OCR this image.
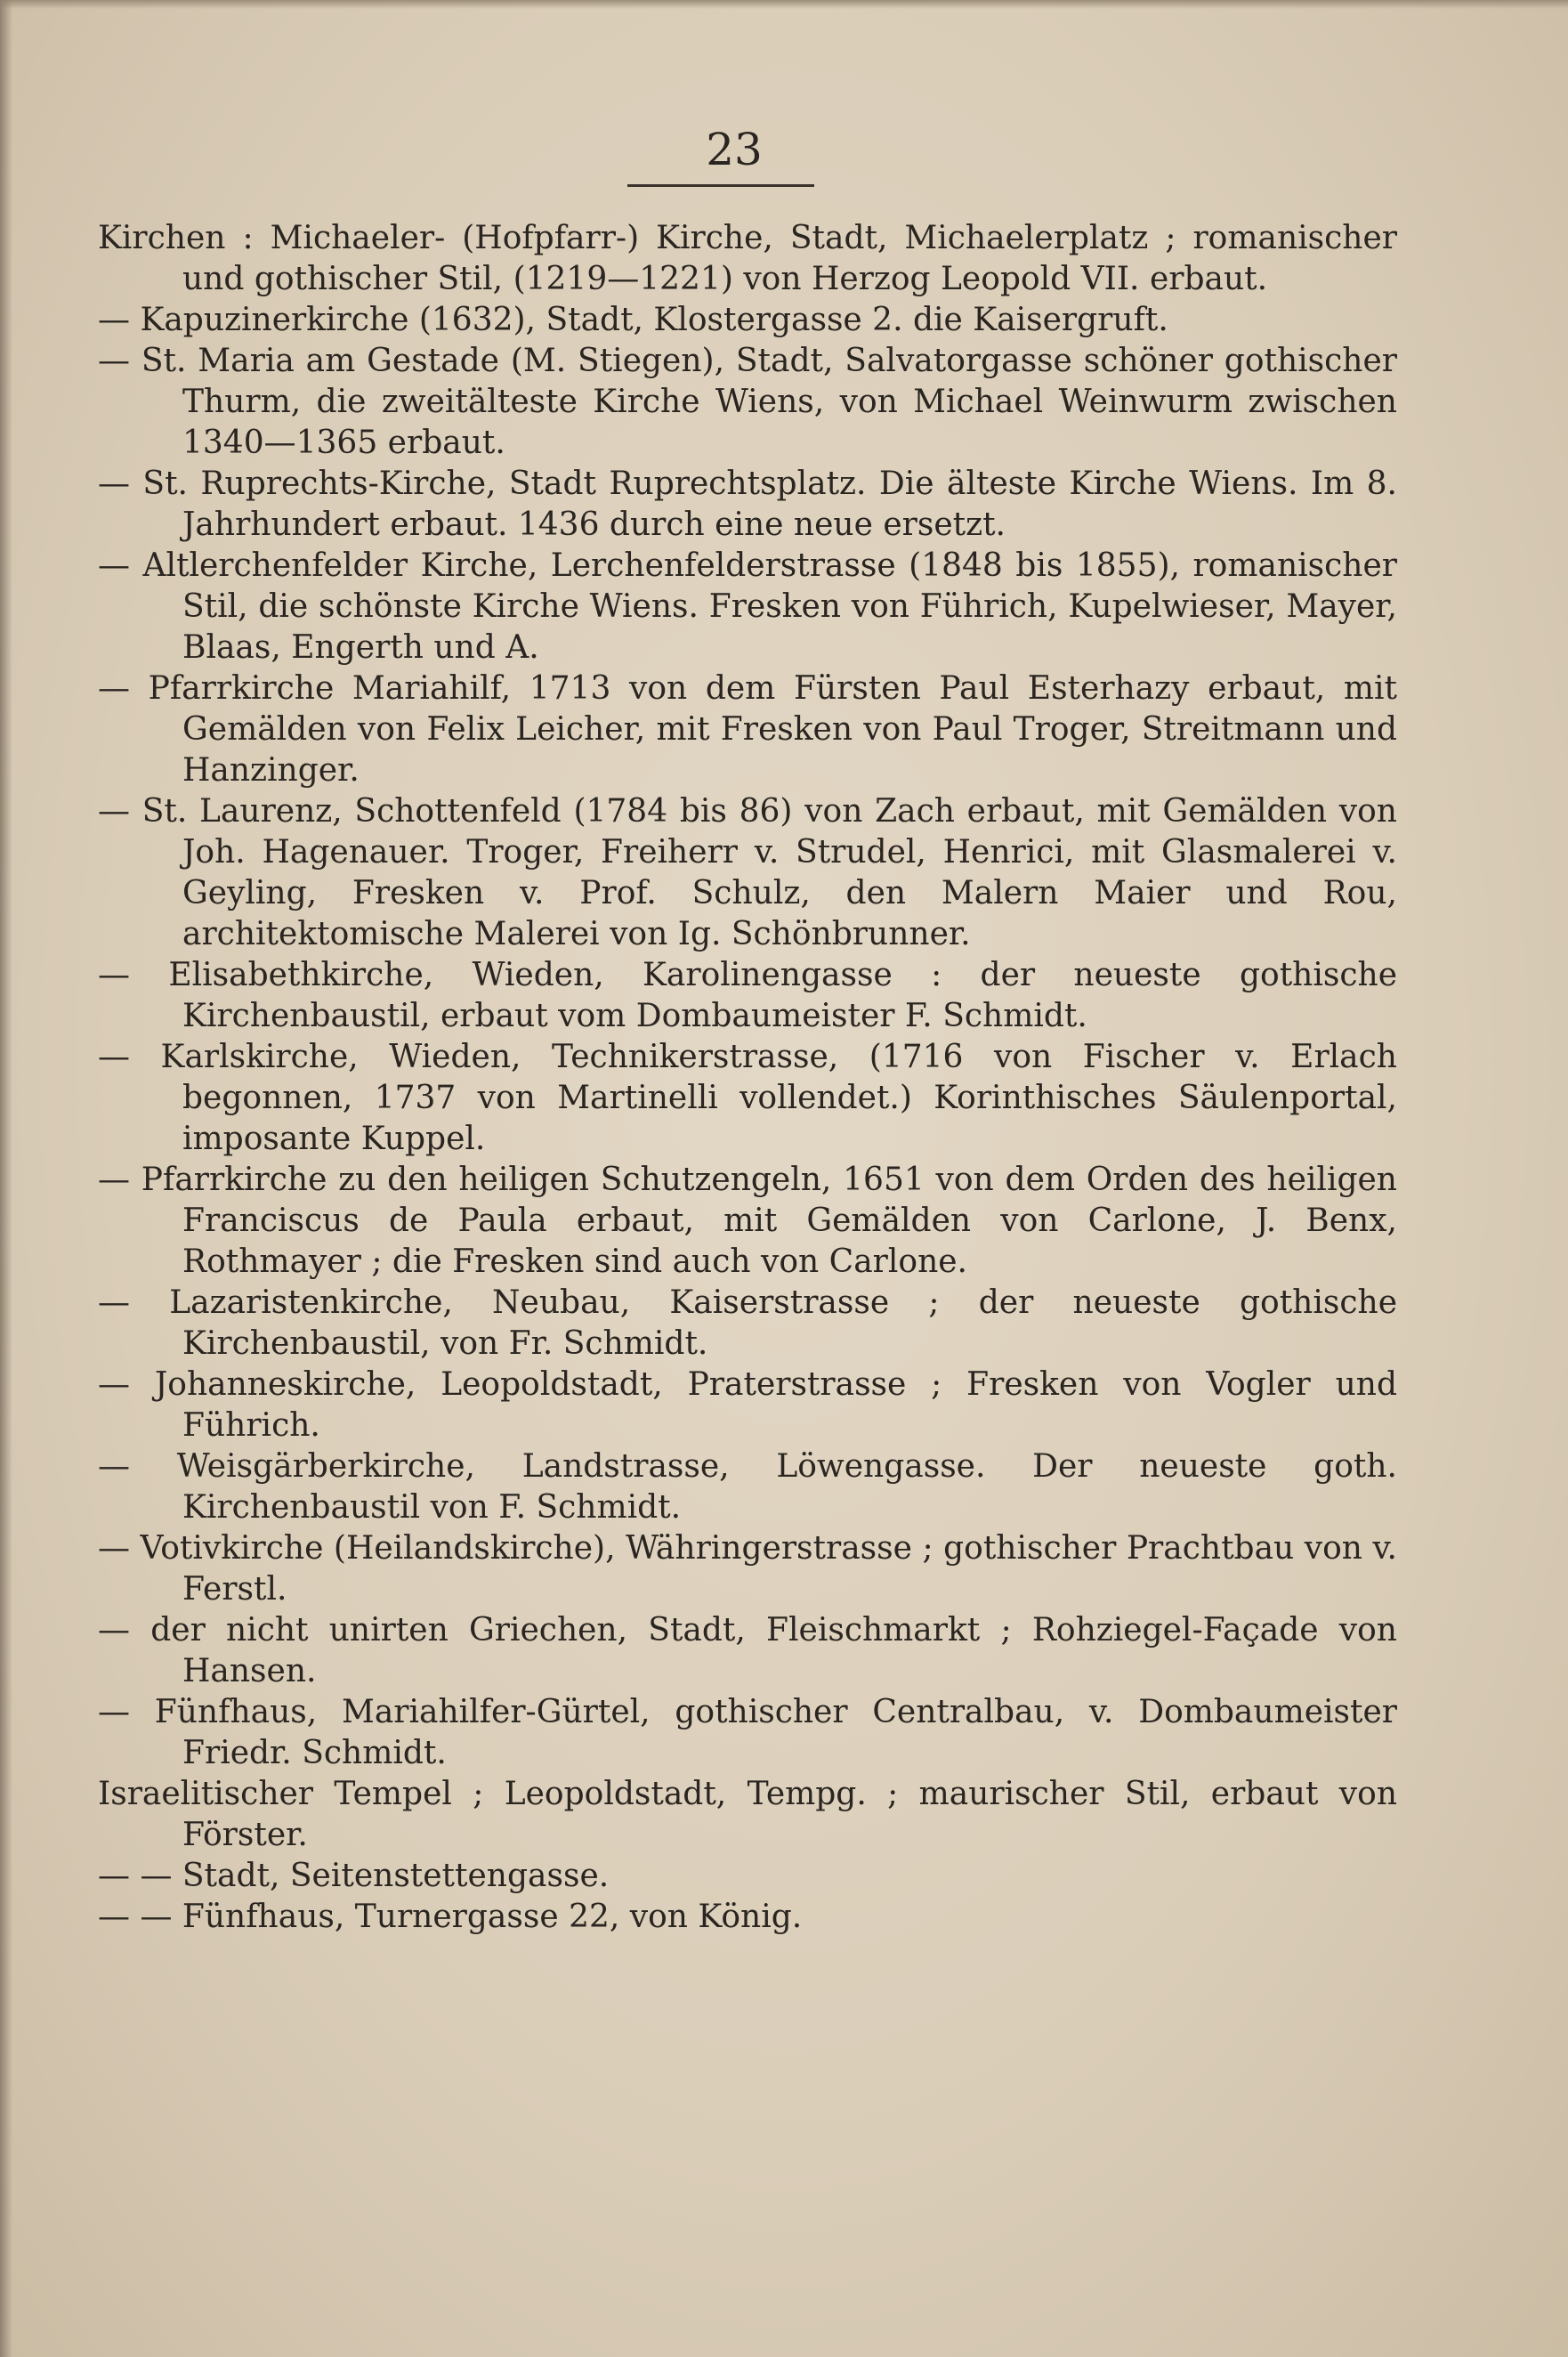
23

Kirchen : Michaeler- (Hofpfarr-) Kirche, Stadt, Michaelerplatz ; romanischer und gothischer Stil, (1219—1221) von Herzog Leopold VII. erbaut.

— Kapuzinerkirche (1632), Stadt, Klostergasse 2. die Kaisergruft.

— St. Maria am Gestade (M. Stiegen), Stadt, Salvatorgasse schöner gothischer Thurm, die zweitälteste Kirche Wiens, von Michael Weinwurm zwischen 1340—1365 erbaut.

— St. Ruprechts-Kirche, Stadt Ruprechtsplatz. Die älteste Kirche Wiens. Im 8. Jahrhundert erbaut. 1436 durch eine neue ersetzt.

— Altlerchenfelder Kirche, Lerchenfelderstrasse (1848 bis 1855), romanischer Stil, die schönste Kirche Wiens. Fresken von Führich, Kupelwieser, Mayer, Blaas, Engerth und A.

— Pfarrkirche Mariahilf, 1713 von dem Fürsten Paul Esterhazy erbaut, mit Gemälden von Felix Leicher, mit Fresken von Paul Troger, Streitmann und Hanzinger.

— St. Laurenz, Schottenfeld (1784 bis 86) von Zach erbaut, mit Gemälden von Joh. Hagenauer. Troger, Freiherr v. Strudel, Henrici, mit Glasmalerei v. Geyling, Fresken v. Prof. Schulz, den Malern Maier und Rou, architektomische Malerei von Ig. Schönbrunner.

— Elisabethkirche, Wieden, Karolinengasse : der neueste gothische Kirchenbaustil, erbaut vom Dombaumeister F. Schmidt.

— Karlskirche, Wieden, Technikerstrasse, (1716 von Fischer v. Erlach begonnen, 1737 von Martinelli vollendet.) Korinthisches Säulenportal, imposante Kuppel.

— Pfarrkirche zu den heiligen Schutzengeln, 1651 von dem Orden des heiligen Franciscus de Paula erbaut, mit Gemälden von Carlone, J. Benx, Rothmayer ; die Fresken sind auch von Carlone.

— Lazaristenkirche, Neubau, Kaiserstrasse ; der neueste gothische Kirchenbaustil, von Fr. Schmidt.

— Johanneskirche, Leopoldstadt, Praterstrasse ; Fresken von Vogler und Führich.

— Weisgärberkirche, Landstrasse, Löwengasse. Der neueste goth. Kirchenbaustil von F. Schmidt.

— Votivkirche (Heilandskirche), Währingerstrasse ; gothischer Prachtbau von v. Ferstl.

— der nicht unirten Griechen, Stadt, Fleischmarkt ; Rohziegel-Façade von Hansen.

— Fünfhaus, Mariahilfer-Gürtel, gothischer Centralbau, v. Dombaumeister Friedr. Schmidt.

Israelitischer Tempel ; Leopoldstadt, Tempg. ; maurischer Stil, erbaut von Förster.

— — Stadt, Seitenstettengasse.

— — Fünfhaus, Turnergasse 22, von König.
